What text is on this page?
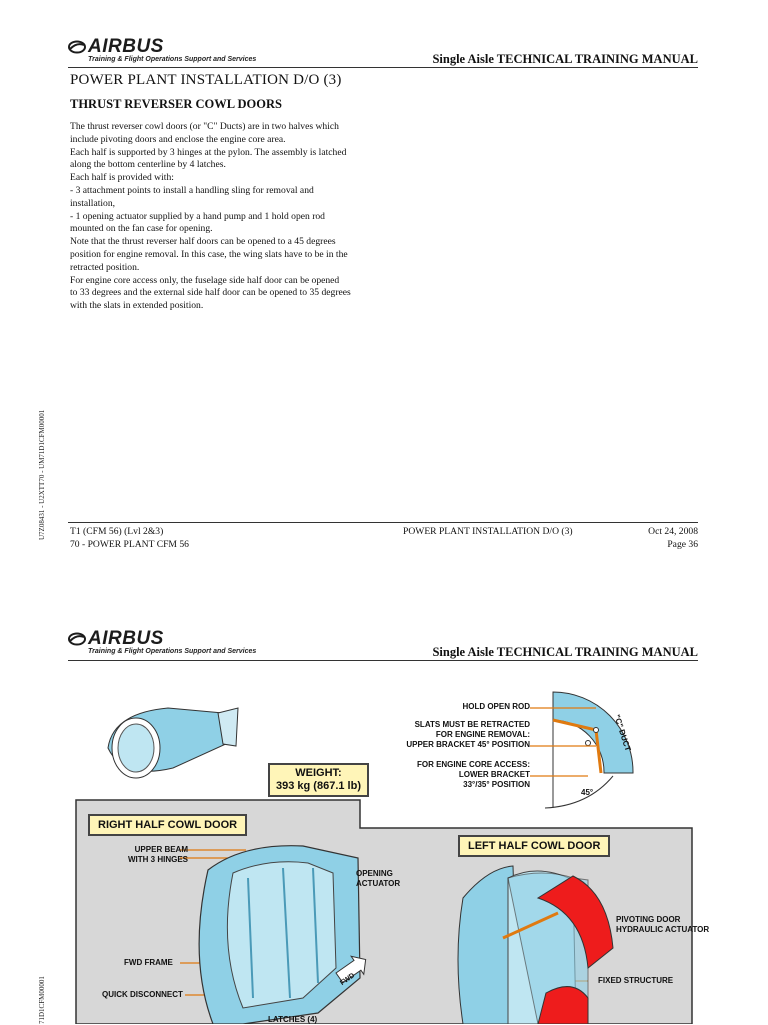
AIRBUS
Training & Flight Operations Support and Services	Single Aisle TECHNICAL TRAINING MANUAL
POWER PLANT INSTALLATION D/O (3)
THRUST REVERSER COWL DOORS
The thrust reverser cowl doors (or "C" Ducts) are in two halves which
include pivoting doors and enclose the engine core area.
Each half is supported by 3 hinges at the pylon. The assembly is latched
along the bottom centerline by 4 latches.
Each half is provided with:
- 3 attachment points to install a handling sling for removal and
installation,
- 1 opening actuator supplied by a hand pump and 1 hold open rod
mounted on the fan case for opening.
Note that the thrust reverser half doors can be opened to a 45 degrees
position for engine removal. In this case, the wing slats have to be in the
retracted position.
For engine core access only, the fuselage side half door can be opened
to 33 degrees and the external side half door can be opened to 35 degrees
with the slats in extended position.
U7Z08431 - U2XTT70 - UM71D1CFM00001	T1 (CFM 56) (Lvl 2&3)
70 - POWER PLANT CFM 56
POWER PLANT INSTALLATION D/O (3)	Oct 24, 2008
Page 36
AIRBUS
Training & Flight Operations Support and Services	Single Aisle TECHNICAL TRAINING MANUAL
71D1CFM00001
WEIGHT:
393 kg (867.1 lb)
HOLD OPEN ROD
SLATS MUST BE RETRACTED
FOR ENGINE REMOVAL:
UPPER BRACKET 45° POSITION
FOR ENGINE CORE ACCESS:
LOWER BRACKET
33°/35° POSITION
"C" DUCT
45°
RIGHT HALF COWL DOOR
LEFT HALF COWL DOOR
UPPER BEAM
WITH 3 HINGES
OPENING
ACTUATOR
FWD FRAME
QUICK DISCONNECT
LATCHES (4)
FWD
PIVOTING DOOR
HYDRAULIC ACTUATOR
FIXED STRUCTURE
